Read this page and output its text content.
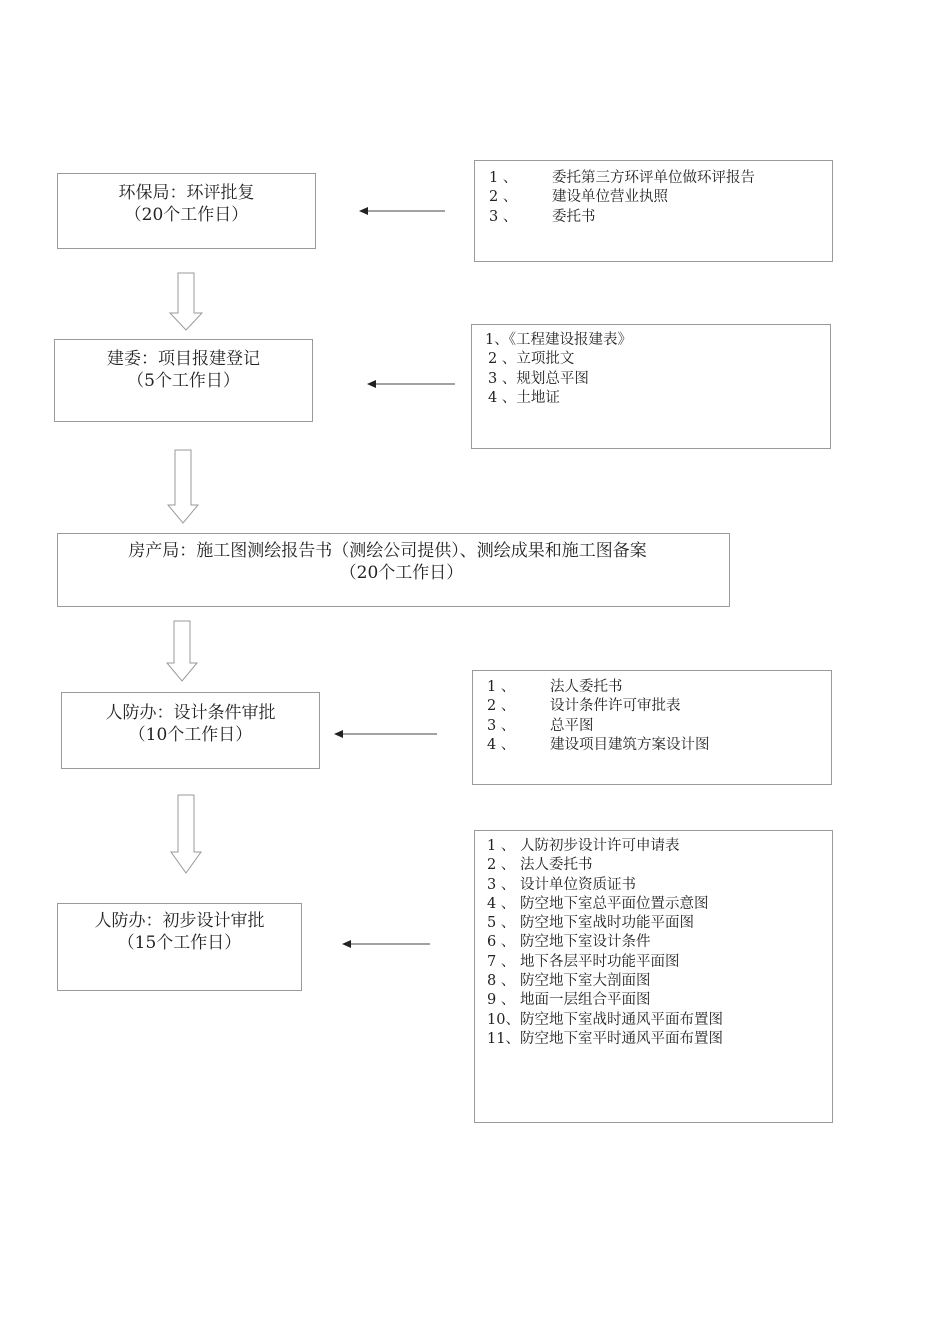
环保局：环评批复
（20个工作日）
建委：项目报建登记
（5个工作日）
房产局：施工图测绘报告书（测绘公司提供）、测绘成果和施工图备案
（20个工作日）
人防办：设计条件审批
（10个工作日）
人防办：初步设计审批
（15个工作日）
1 、 委托第三方环评单位做环评报告
2 、 建设单位营业执照
3 、 委托书
1、《工程建设报建表》
2 、立项批文
3 、规划总平图
4 、土地证
1 、 法人委托书
2 、 设计条件许可审批表
3 、 总平图
4 、 建设项目建筑方案设计图
1 、 人防初步设计许可申请表
2 、 法人委托书
3 、 设计单位资质证书
4 、 防空地下室总平面位置示意图
5 、 防空地下室战时功能平面图
6 、 防空地下室设计条件
7 、 地下各层平时功能平面图
8 、 防空地下室大剖面图
9 、 地面一层组合平面图
10、防空地下室战时通风平面布置图
11、防空地下室平时通风平面布置图
